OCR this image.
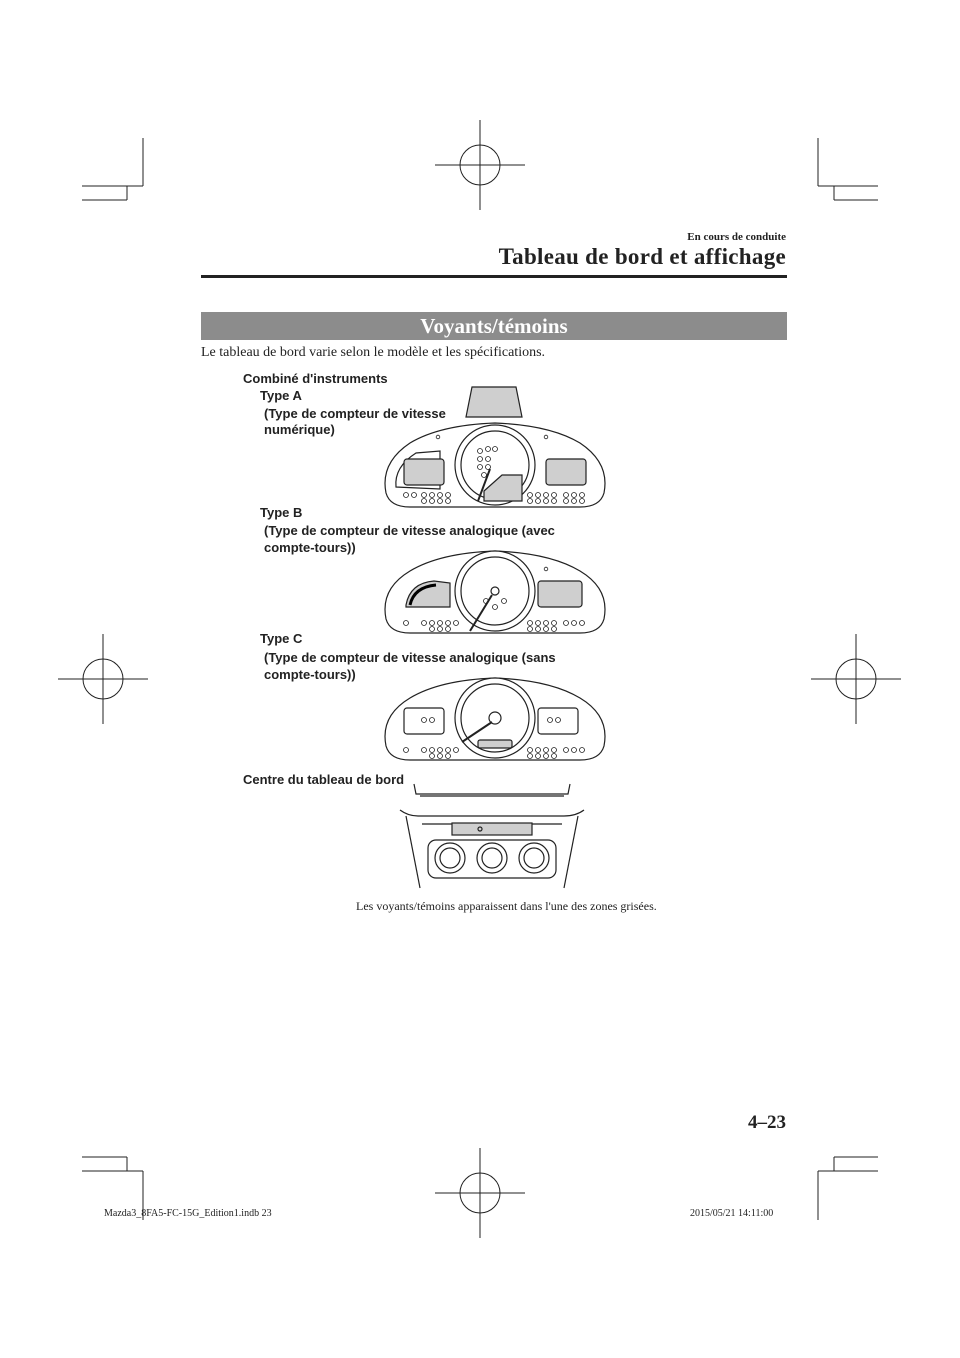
En cours de conduite
Tableau de bord et affichage
Voyants/témoins
Le tableau de bord varie selon le modèle et les spécifications.
Combiné d'instruments
Type A
(Type de compteur de vitesse
numérique)
Type B
(Type de compteur de vitesse analogique (avec
compte-tours))
Type C
(Type de compteur de vitesse analogique (sans
compte-tours))
Centre du tableau de bord
Les voyants/témoins apparaissent dans l'une des zones grisées.
4–23
Mazda3_8FA5-FC-15G_Edition1.indb 23	2015/05/21 14:11:00
